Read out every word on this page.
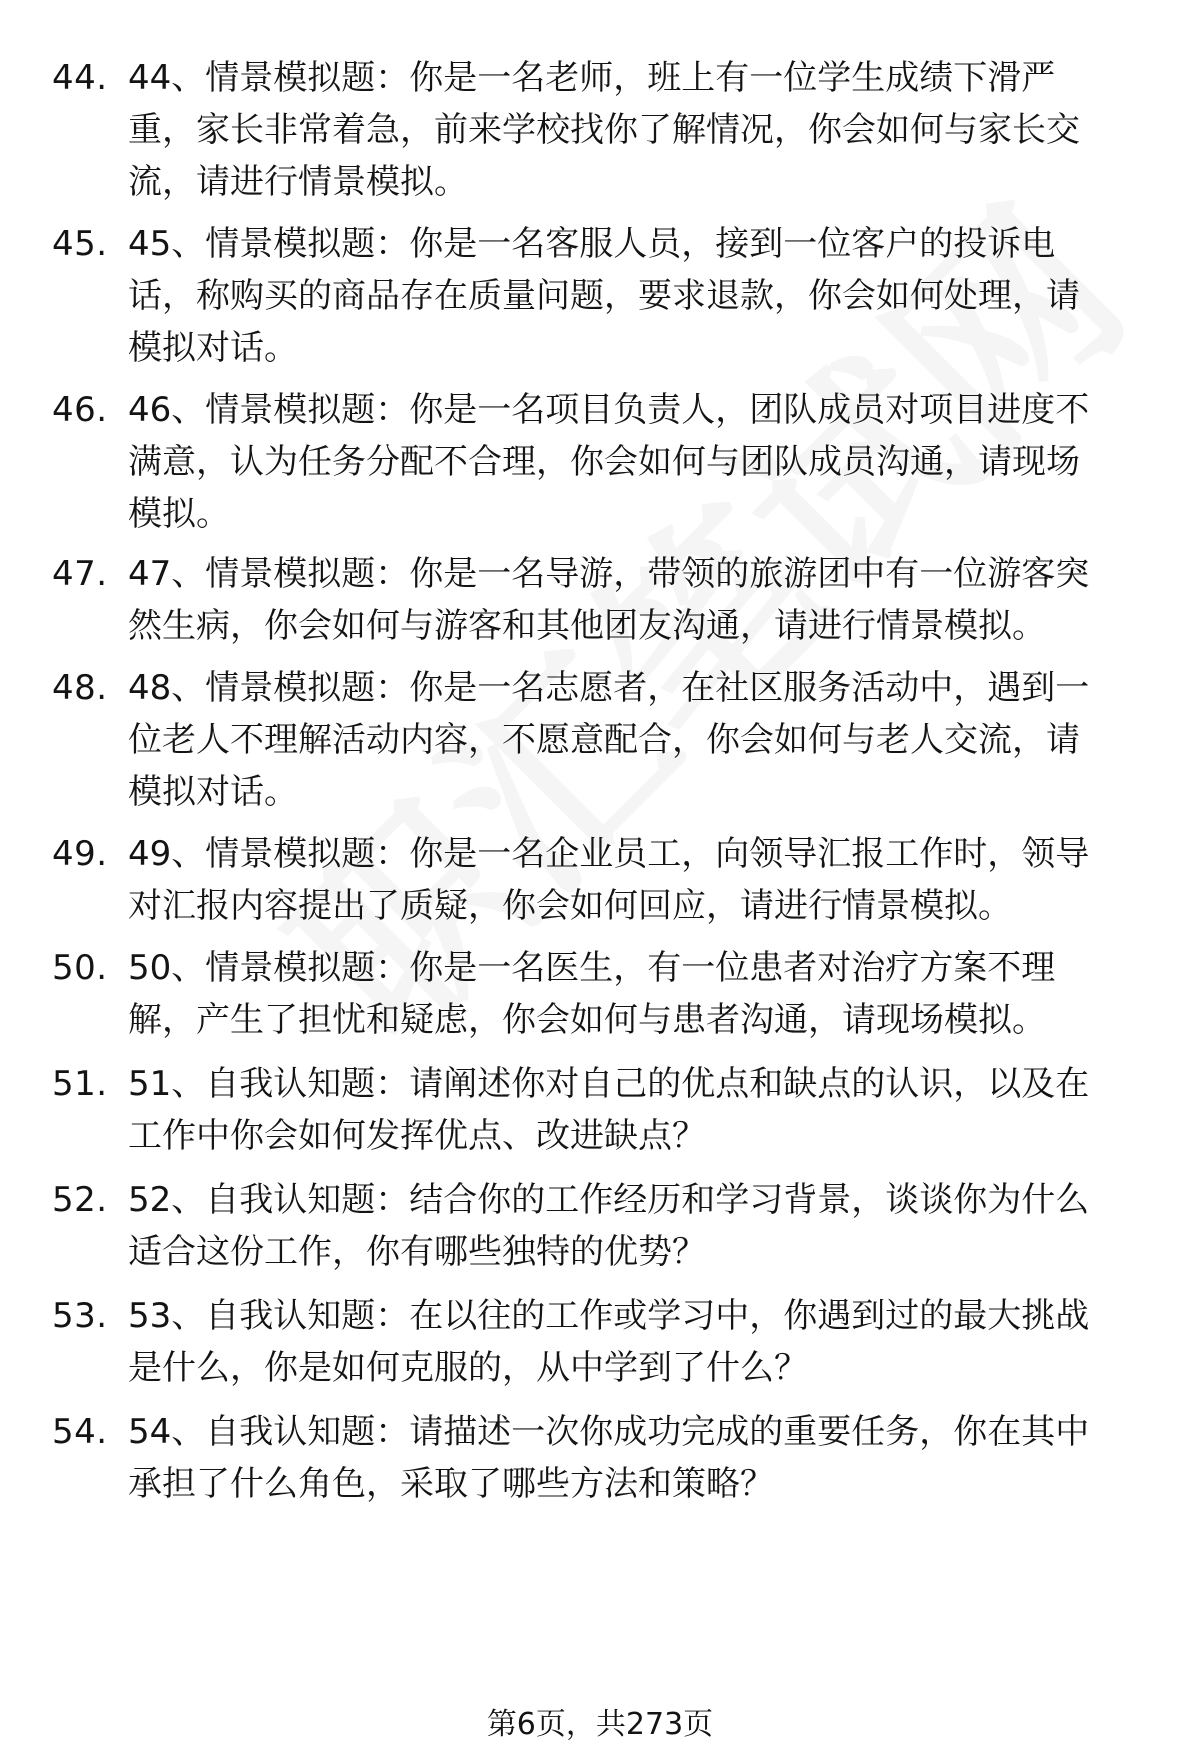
44. 44、情景模拟题：你是一名老师，班上有一位学生成绩下滑严
重，家长非常着急，前来学校找你了解情况，你会如何与家长交
流，请进行情景模拟。
45. 45、情景模拟题：你是一名客服人员，接到一位客户的投诉电
话，称购买的商品存在质量问题，要求退款，你会如何处理，请
模拟对话。
46. 46、情景模拟题：你是一名项目负责人，团队成员对项目进度不
满意，认为任务分配不合理，你会如何与团队成员沟通，请现场
模拟。
47. 47、情景模拟题：你是一名导游，带领的旅游团中有一位游客突
然生病，你会如何与游客和其他团友沟通，请进行情景模拟。
48. 48、情景模拟题：你是一名志愿者，在社区服务活动中，遇到一
位老人不理解活动内容，不愿意配合，你会如何与老人交流，请
模拟对话。
49. 49、情景模拟题：你是一名企业员工，向领导汇报工作时，领导
对汇报内容提出了质疑，你会如何回应，请进行情景模拟。
50. 50、情景模拟题：你是一名医生，有一位患者对治疗方案不理
解，产生了担忧和疑虑，你会如何与患者沟通，请现场模拟。
51. 51、自我认知题：请阐述你对自己的优点和缺点的认识，以及在
工作中你会如何发挥优点、改进缺点？
52. 52、自我认知题：结合你的工作经历和学习背景，谈谈你为什么
适合这份工作，你有哪些独特的优势？
53. 53、自我认知题：在以往的工作或学习中，你遇到过的最大挑战
是什么，你是如何克服的，从中学到了什么？
54. 54、自我认知题：请描述一次你成功完成的重要任务，你在其中
承担了什么角色，采取了哪些方法和策略？
第6页，共273页
